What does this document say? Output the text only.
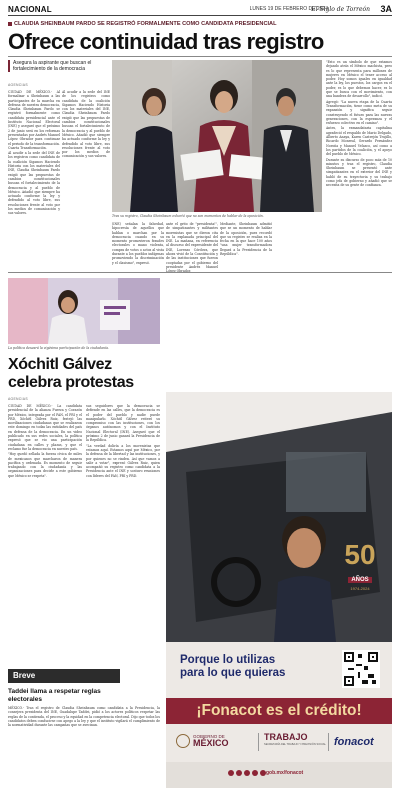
NACIONAL	LUNES 19 DE FEBRERO DE 2024
El Siglo de Torreón 3A
CLAUDIA SHEINBAUM PARDO SE REGISTRÓ FORMALMENTE COMO CANDIDATA PRESIDENCIAL
Ofrece continuidad tras registro
Asegura la aspirante que buscan el fortalecimiento de la democracia
AGENCIAS

CIUDAD DE MÉXICO.- Al formalizar a Sheinbaum a las participantes de la marcha en defensa de nuestra democracia, Claudia Sheinbaum Pardo se registró formalmente como candidata presidencial ante el Instituto Nacional Electoral (INE) y aseguró que el próximo 2 de junio será en los reformas presentadas por Andrés Manuel López Obrador para continuar el periodo de la transformación. Cuarta Transformación.

Al acudir a la sede del INE de los registros como candidata de la coalición Sigamos Haciendo Historia con los materiales del INE, Claudia Sheinbaum Pardo exigió que las propuestas de cambios constitucionales buscan el fortalecimiento de la democracia y al pueblo de México. Añadió que siempre ha actuado conforme la ley y defendido al voto libre, sus resoluciones frente al voto por los medios de comunicación y sus valores.

Al acudir a la sede del INE de los registros como candidata de la coalición Sigamos Haciendo Historia con los materiales del INE, Claudia Sheinbaum Pardo exigió que las propuestas de cambios constitucionales buscan el fortalecimiento de la democracia y al pueblo de México. Añadió que siempre ha actuado conforme la ley y defendido al voto libre, sus resoluciones frente al voto por los medios de comunicación y sus valores.

Tras su registro, Claudia Sheinbaum exhortó que no son momentos de hablar de la oposición.
(INE) señalan la falsedad, hipocresía de aquellos que hablan o marchan por la democracia cuando en su momento promovieron fraudes electorales o mano violenta, compra de votos o actos al vista durante a los pueblos indígenas promoviendo la discriminación y el clasismo", expresó.
ante el grito de "presidenta!", de simpatizantes y militantes morenistas que se dieron cita en la explanada principal del INE. La mañana, en referencia al discurso del expresidente del INE, Lorenzo Córdova, que ahora vivió de la Constitución y de las instituciones que fueron cooptadas por el gobierno del presidente Andrés Manuel
Mediante, Sheinbaum admitió que se un momento de hablar de la oposición, pues recordó que su registro se realiza en la fecha en la que hace 100 años "una mujer transformadora llegará a la Presidencia de la República".

"Esto es un símbolo de que estamos dejando atrás el México machista, pero es lo que representa para millones de mujeres en México el tener acceso al poder. Hoy somos iguales en igualdad ante la ley, los puestos, los cargos en el poder, es lo que debemos hacer, es lo que se busca con el movimiento, con una bandera de desarrollo", indicó.

Agregó: "La nueva etapa de la Cuarta Transformación, tiene como meta de su expansión y significa seguir construyendo el futuro para las nuevas generaciones, con la esperanza y el esfuerzo colectivo en el camino".

Antes, la exmandataria capitalina agradeció el respaldo de Mario Delgado, Alberto Anaya, Karen Castrejón Trujillo, Ricardo Monreal, Gerardo Fernández Noroña y Manuel Velasco, así como a los partidos de la coalición, y el apoyo del pueblo de México.

Durante su discurso de poco más de 10 minutos y tras el registro, Claudia Sheinbaum se presentó ante simpatizantes en el exterior del INE y habló de su trayectoria y su trabajo como jefa de gobierno y añadió que se necesita de su gente de confianza.

La política deseará la vigésima participación de la ciudadanía.
Xóchitl Gálvez celebra protestas
AGENCIAS

CIUDAD DE MÉXICO.- La candidata presidencial de la alianza Fuerza y Corazón por México, integrada por el PAN, el PRI y el PRD, Xóchitl Gálvez Ruiz, festejó las movilizaciones ciudadanas que se realizaron este domingo en todas las entidades del país en defensa de la democracia. En un video publicado en sus redes sociales, la política expresó que se vio una participación ciudadana en calles y plazas, y que el reclamo fue la democracia en nuestro país.

"Hoy quedó sellada la fuerza cívica de miles de mexicanos que marcharon de manera pacífica y ordenada. Es momento de seguir trabajando con la ciudadanía y las organizaciones para decirle a este gobierno que México se respeta".

sus seguidores que la democracia se defiende en las calles, que la democracia es el poder del pueblo y nadie puede manipularlo. Xóchitl Gálvez reiteró su compromiso con las instituciones, con los órganos autónomos y con el Instituto Nacional Electoral (INE). Aseguró que el próximo 2 de junio ganará la Presidencia de la República.

"La verdad doliría a los morenistas que estamos aquí. Estamos aquí por México, por la defensa de la libertad y las instituciones, y por quienes no se rinden. Así que vamos a salir a votar", expresó Gálvez Ruiz, quien acompañó su registro como candidata a la Presidencia ante el INE y sostuvo reuniones con líderes del PAN, PRI y PRD.

Breve
Taddei llama a respetar reglas electorales
MÉXICO.- Tras el registro de Claudia Sheinbaum como candidata a la Presidencia, la consejera presidenta del INE, Guadalupe Taddei, pidió a los actores políticos respetar las reglas de la contienda, el proceso y la equidad en la competencia electoral. Dijo que todos los candidatos deben conducirse con apego a la ley y que el instituto vigilará el cumplimiento de la normatividad durante las campañas que se avecinan.
50
AÑOS
1974-2024
Porque lo utilizas
para lo que quieras
¡Fonacot es el crédito!
GOBIERNO DE
MÉXICO
TRABAJO
SECRETARÍA DEL TRABAJO Y PREVISIÓN SOCIAL fonacot
gob.mx/fonacot
